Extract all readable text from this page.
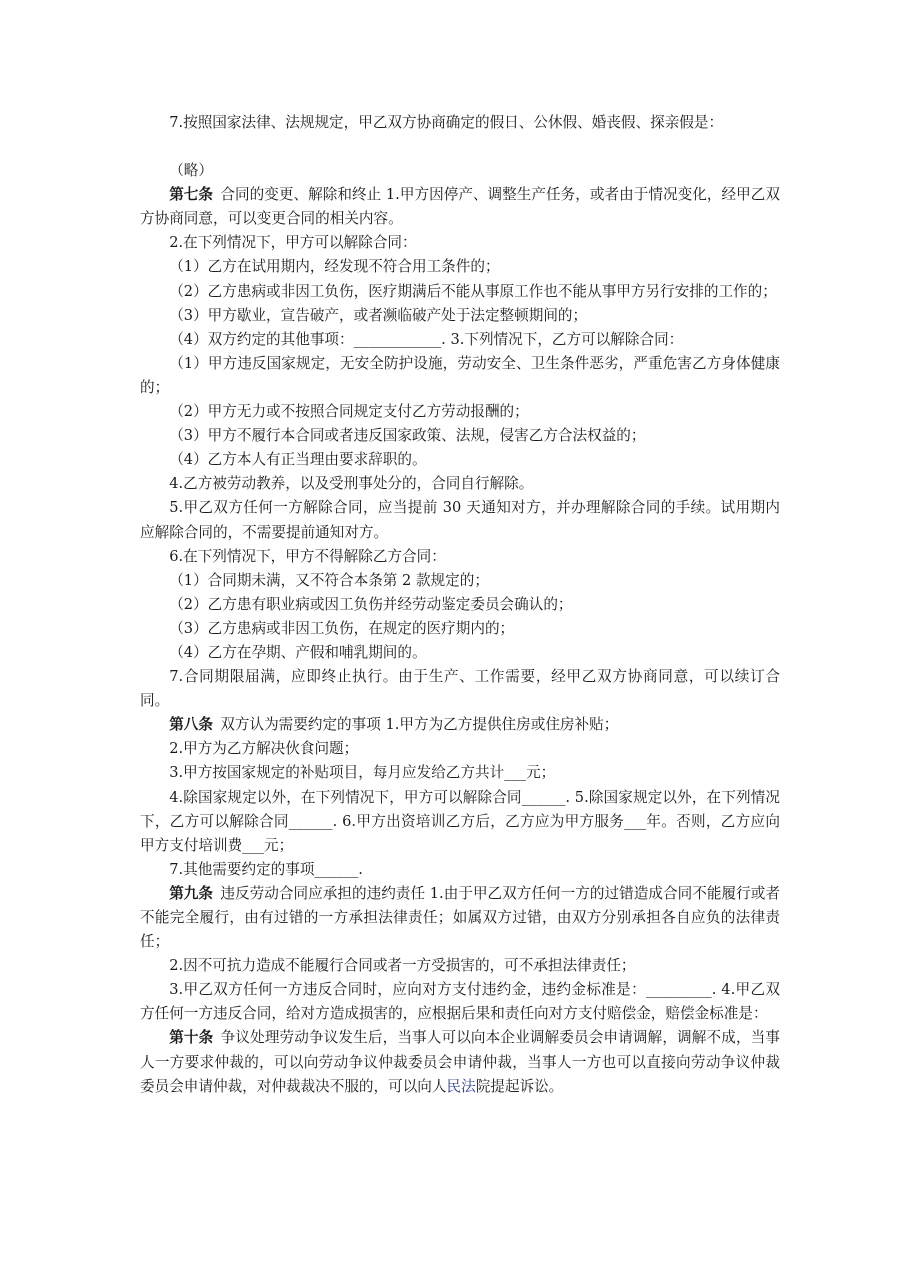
7.按照国家法律、法规规定，甲乙双方协商确定的假日、公休假、婚丧假、探亲假是：

（略）

第七条 合同的变更、解除和终止 1.甲方因停产、调整生产任务，或者由于情况变化，经甲乙双方协商同意，可以变更合同的相关内容。

2.在下列情况下，甲方可以解除合同：

（1）乙方在试用期内，经发现不符合用工条件的；

（2）乙方患病或非因工负伤，医疗期满后不能从事原工作也不能从事甲方另行安排的工作的；

（3）甲方歇业，宣告破产，或者濒临破产处于法定整顿期间的；

（4）双方约定的其他事项：____________. 3.下列情况下，乙方可以解除合同：

（1）甲方违反国家规定，无安全防护设施，劳动安全、卫生条件恶劣，严重危害乙方身体健康的；

（2）甲方无力或不按照合同规定支付乙方劳动报酬的；

（3）甲方不履行本合同或者违反国家政策、法规，侵害乙方合法权益的；

（4）乙方本人有正当理由要求辞职的。

4.乙方被劳动教养，以及受刑事处分的，合同自行解除。

5.甲乙双方任何一方解除合同，应当提前 30 天通知对方，并办理解除合同的手续。试用期内应解除合同的，不需要提前通知对方。

6.在下列情况下，甲方不得解除乙方合同：

（1）合同期未满，又不符合本条第 2 款规定的；

（2）乙方患有职业病或因工负伤并经劳动鉴定委员会确认的；

（3）乙方患病或非因工负伤，在规定的医疗期内的；

（4）乙方在孕期、产假和哺乳期间的。

7.合同期限届满，应即终止执行。由于生产、工作需要，经甲乙双方协商同意，可以续订合同。

第八条 双方认为需要约定的事项 1.甲方为乙方提供住房或住房补贴；

2.甲方为乙方解决伙食问题；

3.甲方按国家规定的补贴项目，每月应发给乙方共计___元；

4.除国家规定以外，在下列情况下，甲方可以解除合同______. 5.除国家规定以外，在下列情况下，乙方可以解除合同______. 6.甲方出资培训乙方后，乙方应为甲方服务___年。否则，乙方应向甲方支付培训费___元；

7.其他需要约定的事项______.

第九条 违反劳动合同应承担的违约责任 1.由于甲乙双方任何一方的过错造成合同不能履行或者不能完全履行，由有过错的一方承担法律责任；如属双方过错，由双方分别承担各自应负的法律责任；

2.因不可抗力造成不能履行合同或者一方受损害的，可不承担法律责任；

3.甲乙双方任何一方违反合同时，应向对方支付违约金，违约金标准是：_________. 4.甲乙双方任何一方违反合同，给对方造成损害的，应根据后果和责任向对方支付赔偿金，赔偿金标准是：

第十条 争议处理劳动争议发生后，当事人可以向本企业调解委员会申请调解，调解不成，当事人一方要求仲裁的，可以向劳动争议仲裁委员会申请仲裁，当事人一方也可以直接向劳动争议仲裁委员会申请仲裁，对仲裁裁决不服的，可以向人民法院提起诉讼。
